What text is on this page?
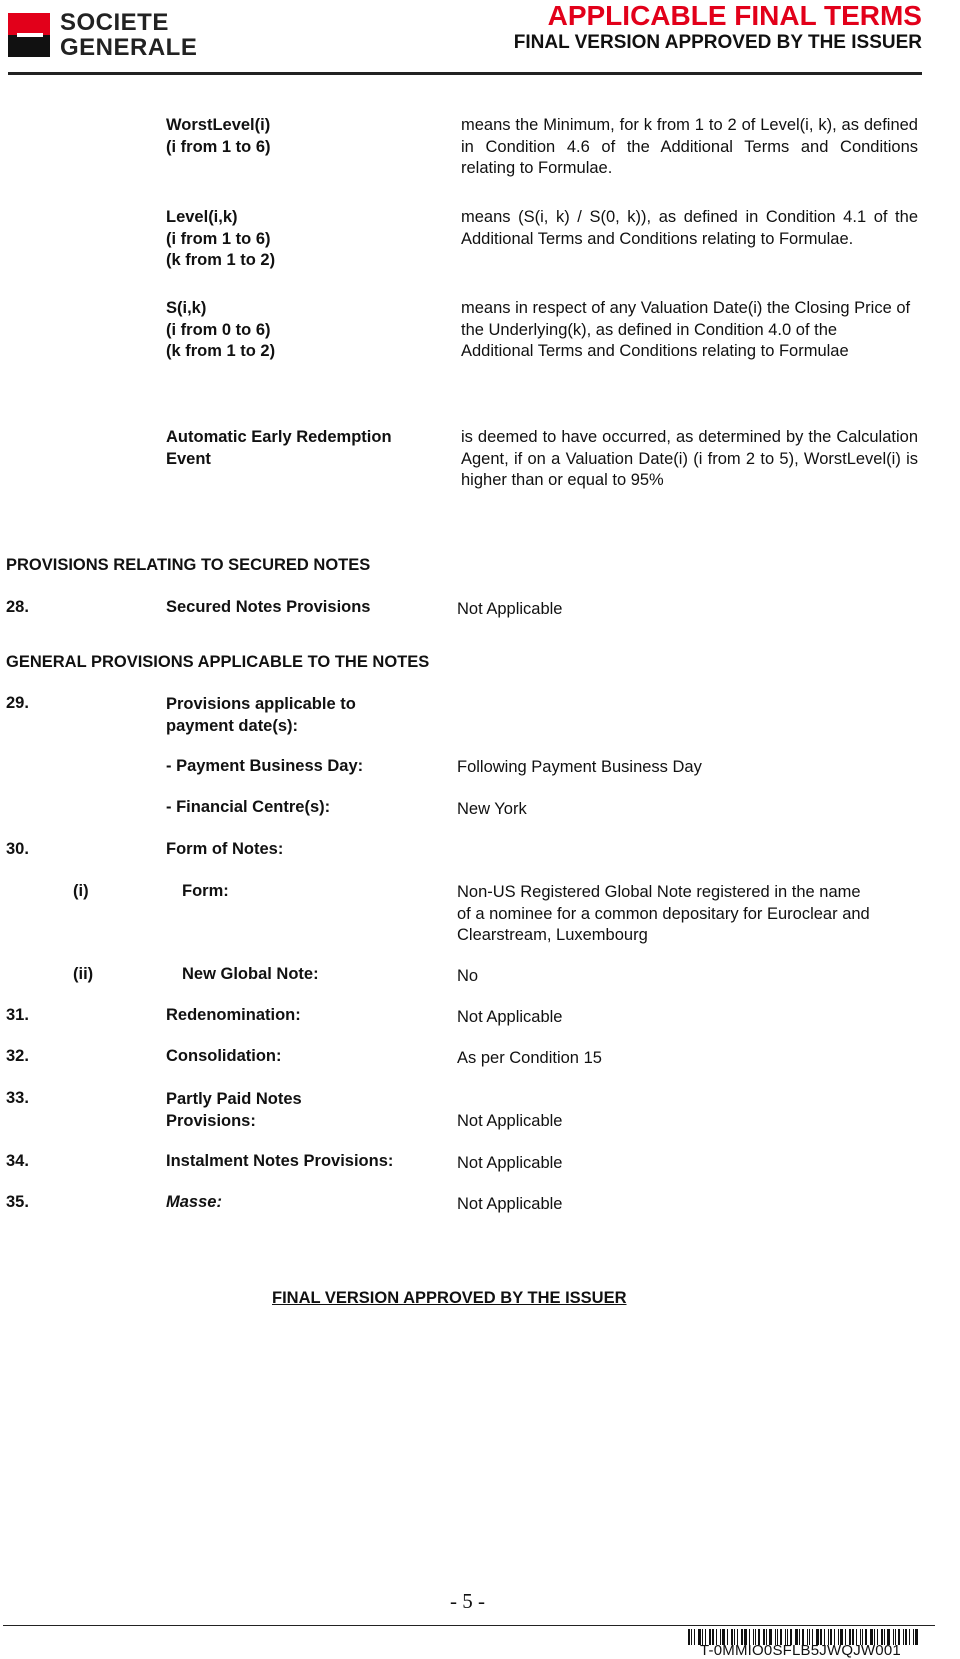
SOCIETE
GENERALE
APPLICABLE FINAL TERMS
FINAL VERSION APPROVED BY THE ISSUER
WorstLevel(i)
(i from 1 to 6)
means the Minimum, for k from 1 to 2 of Level(i, k), as defined in Condition 4.6 of the Additional Terms and Conditions relating to Formulae.
Level(i,k)
(i from 1 to 6)
(k from 1 to 2)
means (S(i, k) / S(0, k)), as defined in Condition 4.1 of the Additional Terms and Conditions relating to Formulae.
S(i,k)
(i from 0 to 6)
(k from 1 to 2)
means in respect of any Valuation Date(i) the Closing Price of the Underlying(k), as defined in Condition 4.0 of the Additional Terms and Conditions relating to Formulae
Automatic Early Redemption
Event
is deemed to have occurred, as determined by the Calculation Agent, if on a Valuation Date(i) (i from 2 to 5), WorstLevel(i) is higher than or equal to 95%
PROVISIONS RELATING TO SECURED NOTES
28.	Secured Notes Provisions	Not Applicable
GENERAL PROVISIONS APPLICABLE TO THE NOTES
29.	Provisions applicable to
payment date(s):
- Payment Business Day:	Following Payment Business Day
- Financial Centre(s):	New York
30.	Form of Notes:
(i)	Form:	Non-US Registered Global Note registered in the name
of a nominee for a common depositary for Euroclear and
Clearstream, Luxembourg
(ii)	New Global Note:	No
31.	Redenomination:	Not Applicable
32.	Consolidation:	As per Condition 15
33.	Partly Paid Notes
Provisions:	Not Applicable
34.	Instalment Notes Provisions:	Not Applicable
35.	Masse:	Not Applicable
FINAL VERSION APPROVED BY THE ISSUER
- 5 -
T-0MMIO0SFLB5JWQJW001
